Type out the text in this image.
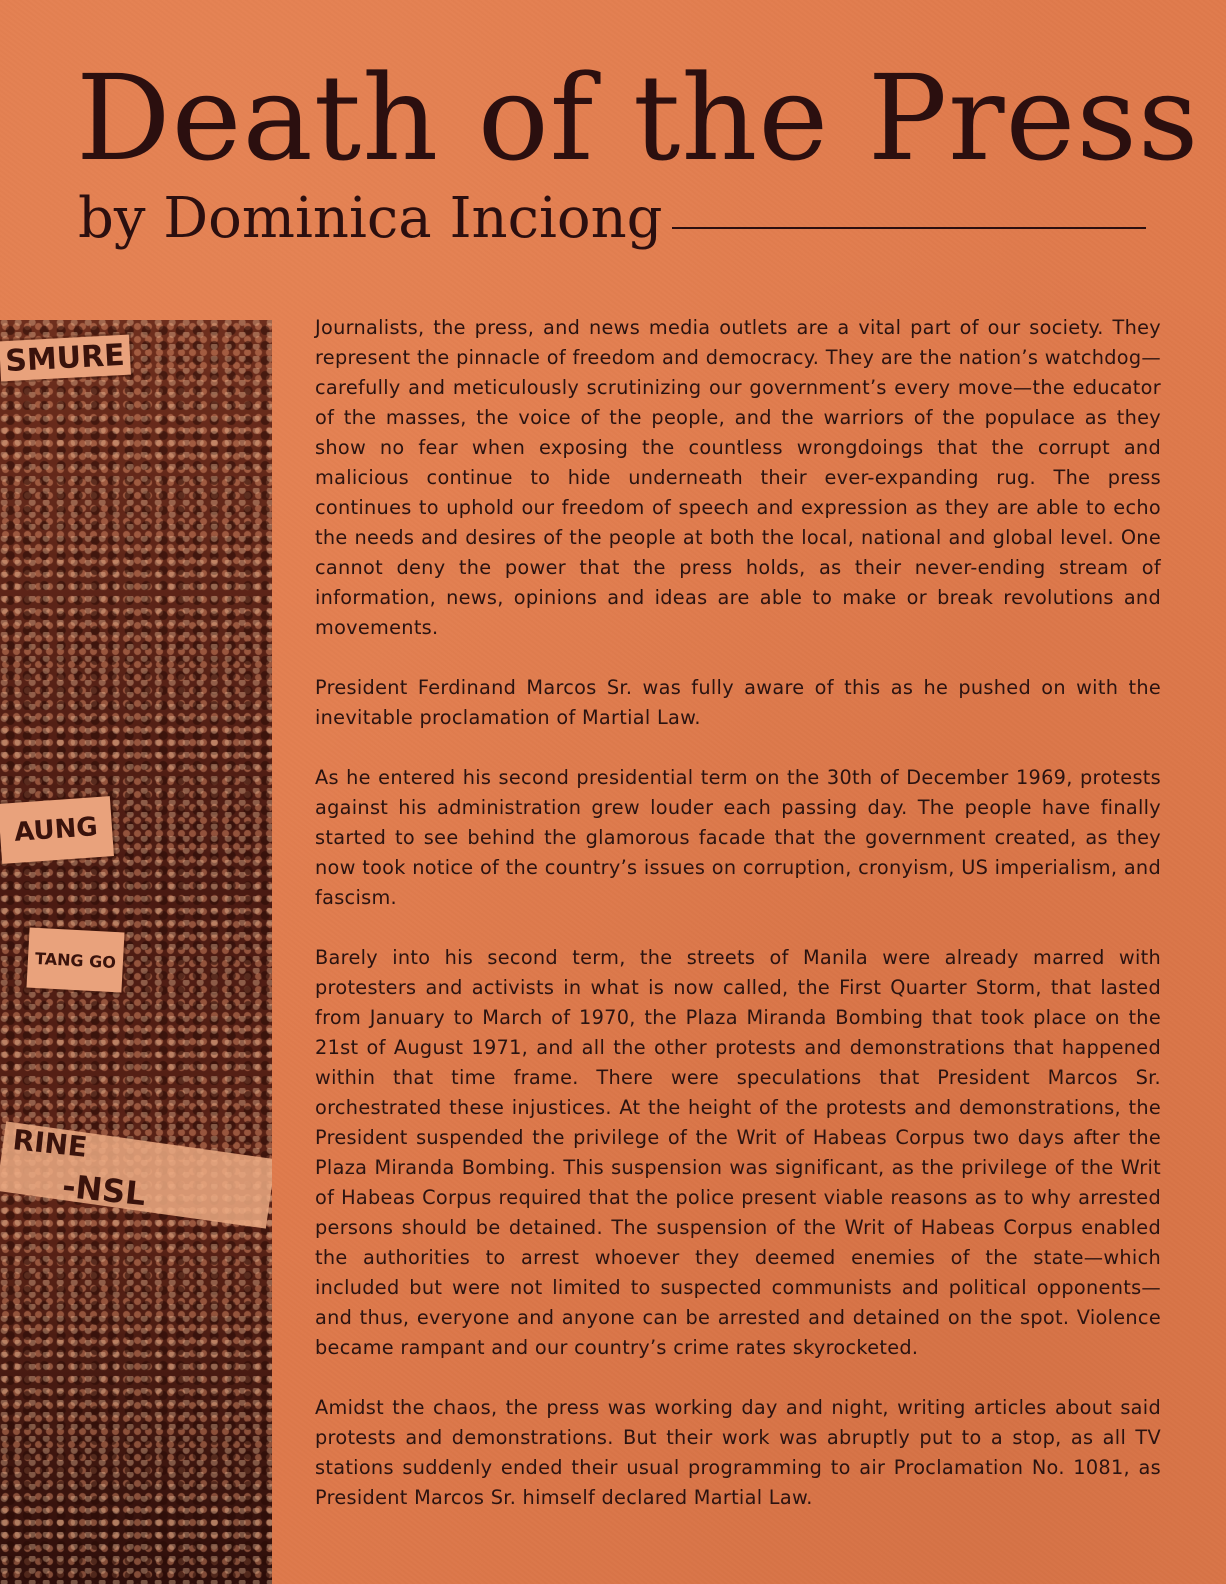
Death of the Press
by Dominica Inciong
SMURE
AUNG
TANG GO
RINE
-NSL

Journalists, the press, and news media outlets are a vital part of our society. They represent the pinnacle of freedom and democracy. They are the nation’s watchdog—carefully and meticulously scrutinizing our government’s every move—the educator of the masses, the voice of the people, and the warriors of the populace as they show no fear when exposing the countless wrongdoings that the corrupt and malicious continue to hide underneath their ever-expanding rug. The press continues to uphold our freedom of speech and expression as they are able to echo the needs and desires of the people at both the local, national and global level. One cannot deny the power that the press holds, as their never-ending stream of information, news, opinions and ideas are able to make or break revolutions and movements.

President Ferdinand Marcos Sr. was fully aware of this as he pushed on with the inevitable proclamation of Martial Law.

As he entered his second presidential term on the 30th of December 1969, protests against his administration grew louder each passing day. The people have finally started to see behind the glamorous facade that the government created, as they now took notice of the country’s issues on corruption, cronyism, US imperialism, and fascism.

Barely into his second term, the streets of Manila were already marred with protesters and activists in what is now called, the First Quarter Storm, that lasted from January to March of 1970, the Plaza Miranda Bombing that took place on the 21st of August 1971, and all the other protests and demonstrations that happened within that time frame. There were speculations that President Marcos Sr. orchestrated these injustices. At the height of the protests and demonstrations, the President suspended the privilege of the Writ of Habeas Corpus two days after the Plaza Miranda Bombing. This suspension was significant, as the privilege of the Writ of Habeas Corpus required that the police present viable reasons as to why arrested persons should be detained. The suspension of the Writ of Habeas Corpus enabled the authorities to arrest whoever they deemed enemies of the state—which included but were not limited to suspected communists and political opponents—and thus, everyone and anyone can be arrested and detained on the spot. Violence became rampant and our country’s crime rates skyrocketed.

Amidst the chaos, the press was working day and night, writing articles about said protests and demonstrations. But their work was abruptly put to a stop, as all TV stations suddenly ended their usual programming to air Proclamation No. 1081, as President Marcos Sr. himself declared Martial Law.
